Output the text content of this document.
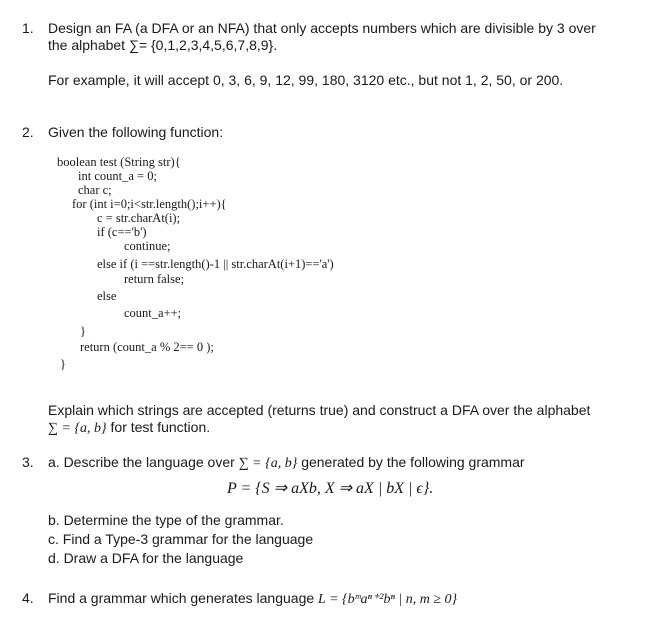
1. Design an FA (a DFA or an NFA) that only accepts numbers which are divisible by 3 over
the alphabet ∑= {0,1,2,3,4,5,6,7,8,9}.
For example, it will accept 0, 3, 6, 9, 12, 99, 180, 3120 etc., but not 1, 2, 50, or 200.
2. Given the following function:
boolean test (String str){
int count_a = 0;
char c;
for (int i=0;i<str.length();i++){
c = str.charAt(i);
if (c=='b')
continue;
else if (i ==str.length()-1 || str.charAt(i+1)=='a')
return false;
else
count_a++;
}
return (count_a % 2== 0 );
}
Explain which strings are accepted (returns true) and construct a DFA over the alphabet
∑ = {a, b} for test function.
3. a. Describe the language over ∑ = {a, b} generated by the following grammar
P = {S ⇒ aXb, X ⇒ aX | bX | ϵ}.
b. Determine the type of the grammar.
c. Find a Type-3 grammar for the language
d. Draw a DFA for the language
4. Find a grammar which generates language L = {bᵐaⁿ⁺²bⁿ | n, m ≥ 0}
